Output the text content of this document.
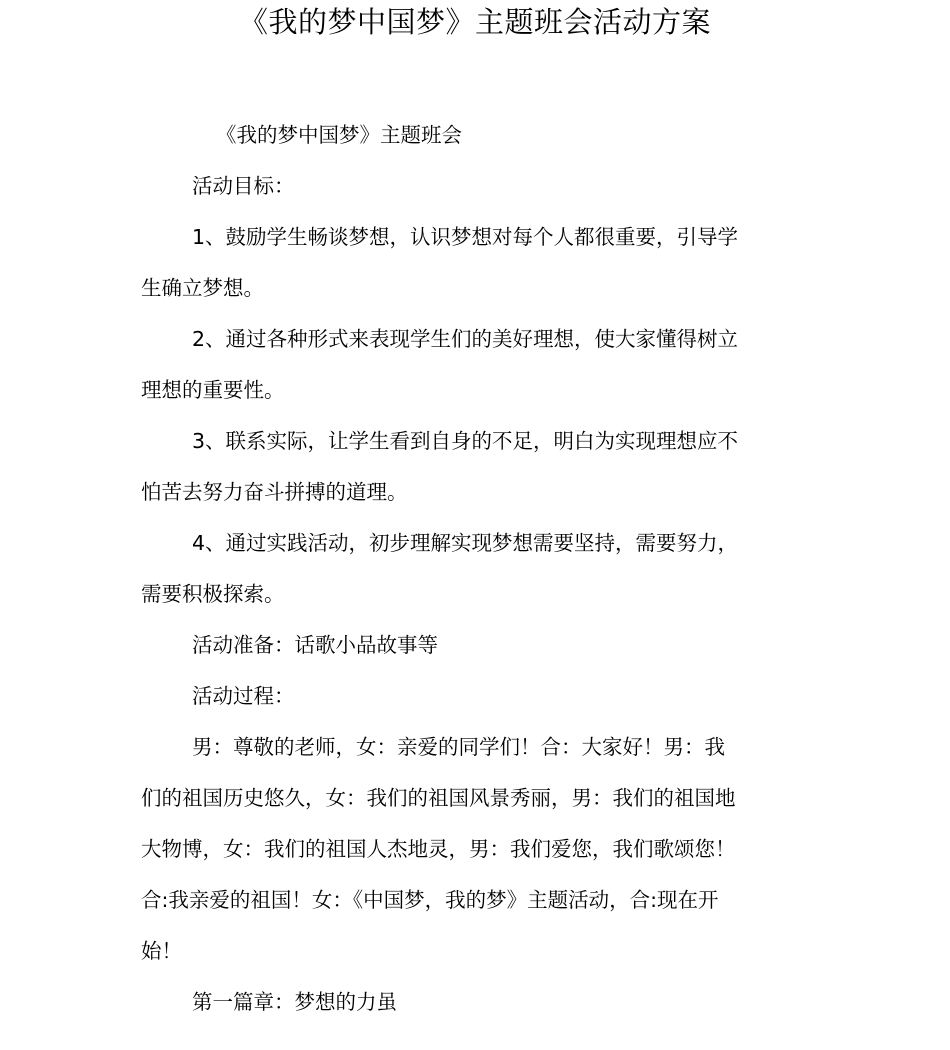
《我的梦中国梦》主题班会活动方案

《我的梦中国梦》主题班会

活动目标：

1、鼓励学生畅谈梦想，认识梦想对每个人都很重要，引导学

生确立梦想。

2、通过各种形式来表现学生们的美好理想，使大家懂得树立

理想的重要性。

3、联系实际，让学生看到自身的不足，明白为实现理想应不

怕苦去努力奋斗拼搏的道理。

4、通过实践活动，初步理解实现梦想需要坚持，需要努力，

需要积极探索。

活动准备：话歌小品故事等

活动过程：

男：尊敬的老师，女：亲爱的同学们！合：大家好！男：我

们的祖国历史悠久，女：我们的祖国风景秀丽，男：我们的祖国地

大物博，女：我们的祖国人杰地灵，男：我们爱您，我们歌颂您！

合:我亲爱的祖国！女：《中国梦，我的梦》主题活动，合:现在开

始！

第一篇章：梦想的力虽
